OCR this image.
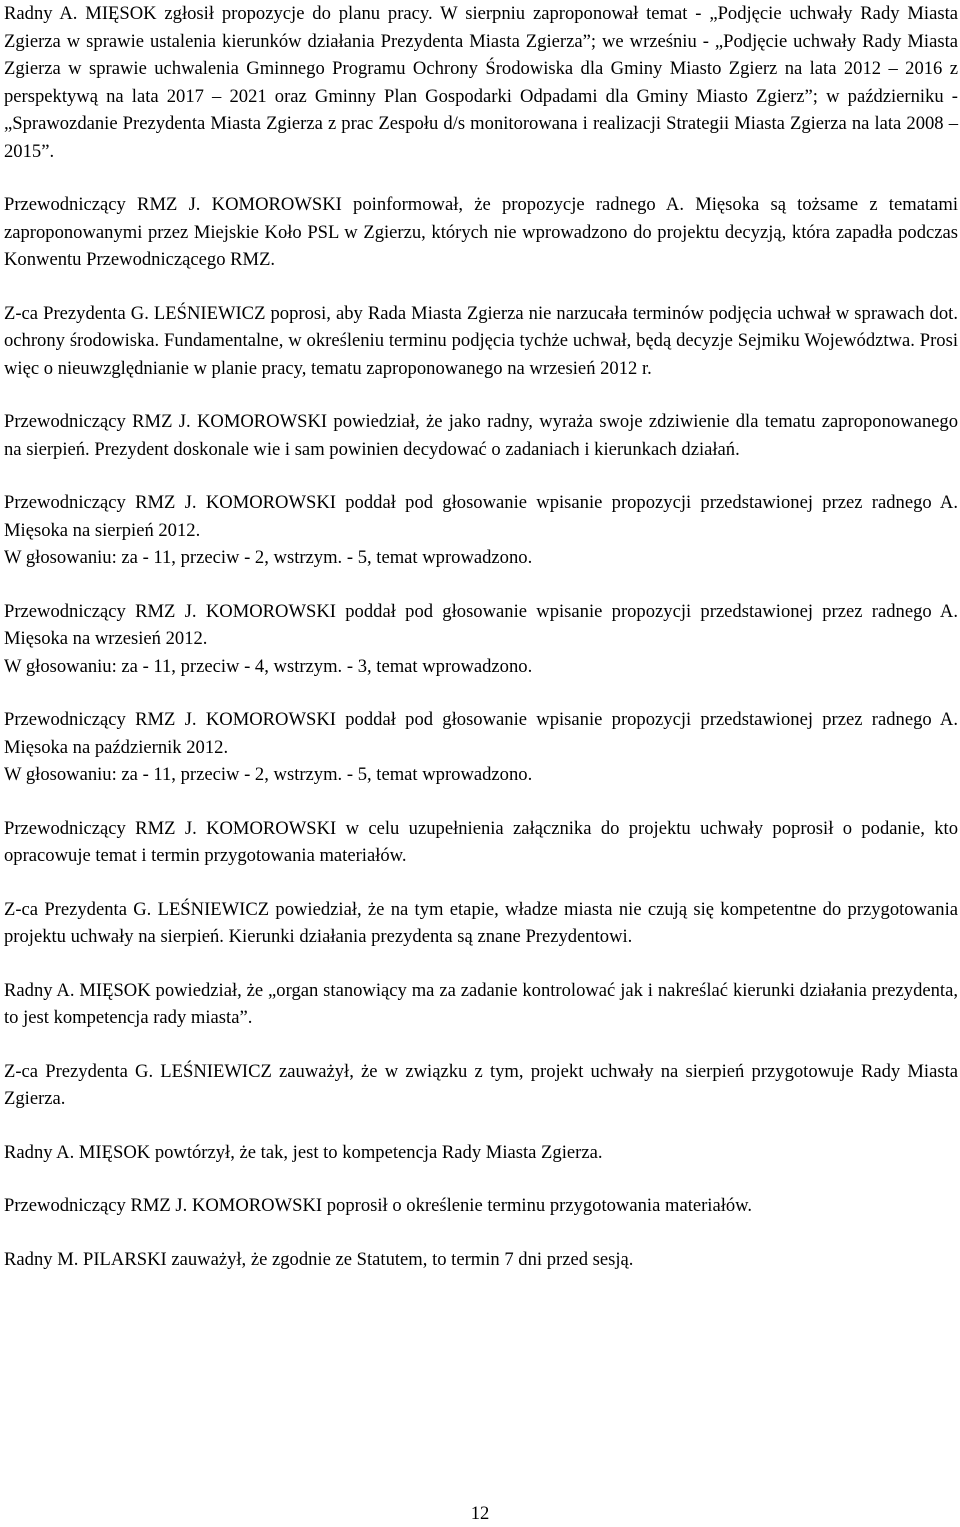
Radny A. MIĘSOK zgłosił propozycje do planu pracy. W sierpniu zaproponował temat - „Podjęcie uchwały Rady Miasta Zgierza w sprawie ustalenia kierunków działania Prezydenta Miasta Zgierza”; we wrześniu - „Podjęcie uchwały Rady Miasta Zgierza w sprawie uchwalenia Gminnego Programu Ochrony Środowiska dla Gminy Miasto Zgierz na lata 2012 – 2016 z perspektywą na lata 2017 – 2021 oraz Gminny Plan Gospodarki Odpadami dla Gminy Miasto Zgierz”; w październiku - „Sprawozdanie Prezydenta Miasta Zgierza z prac Zespołu d/s monitorowana i realizacji Strategii Miasta Zgierza na lata 2008 – 2015”.

Przewodniczący RMZ J. KOMOROWSKI poinformował, że propozycje radnego A. Mięsoka są tożsame z tematami zaproponowanymi przez Miejskie Koło PSL w Zgierzu, których nie wprowadzono do projektu decyzją, która zapadła podczas Konwentu Przewodniczącego RMZ.

Z-ca Prezydenta G. LEŚNIEWICZ poprosi, aby Rada Miasta Zgierza nie narzucała terminów podjęcia uchwał w sprawach dot. ochrony środowiska. Fundamentalne, w określeniu terminu podjęcia tychże uchwał, będą decyzje Sejmiku Województwa. Prosi więc o nieuwzględnianie w planie pracy, tematu zaproponowanego na wrzesień 2012 r.

Przewodniczący RMZ J. KOMOROWSKI powiedział, że jako radny, wyraża swoje zdziwienie dla tematu zaproponowanego na sierpień. Prezydent doskonale wie i sam powinien decydować o zadaniach i kierunkach działań.

Przewodniczący RMZ J. KOMOROWSKI poddał pod głosowanie wpisanie propozycji przedstawionej przez radnego A. Mięsoka na sierpień 2012.

W głosowaniu: za - 11, przeciw - 2, wstrzym. - 5, temat wprowadzono.

Przewodniczący RMZ J. KOMOROWSKI poddał pod głosowanie wpisanie propozycji przedstawionej przez radnego A. Mięsoka na wrzesień 2012.

W głosowaniu: za - 11, przeciw - 4, wstrzym. - 3, temat wprowadzono.

Przewodniczący RMZ J. KOMOROWSKI poddał pod głosowanie wpisanie propozycji przedstawionej przez radnego A. Mięsoka na październik 2012.

W głosowaniu: za - 11, przeciw - 2, wstrzym. - 5, temat wprowadzono.

Przewodniczący RMZ J. KOMOROWSKI w celu uzupełnienia załącznika do projektu uchwały poprosił o podanie, kto opracowuje temat i termin przygotowania materiałów.

Z-ca Prezydenta G. LEŚNIEWICZ powiedział, że na tym etapie, władze miasta nie czują się kompetentne do przygotowania projektu uchwały na sierpień. Kierunki działania prezydenta są znane Prezydentowi.

Radny A. MIĘSOK powiedział, że „organ stanowiący ma za zadanie kontrolować jak i nakreślać kierunki działania prezydenta, to jest kompetencja rady miasta”.

Z-ca Prezydenta G. LEŚNIEWICZ zauważył, że w związku z tym, projekt uchwały na sierpień przygotowuje Rady Miasta Zgierza.

Radny A. MIĘSOK powtórzył, że tak, jest to kompetencja Rady Miasta Zgierza.

Przewodniczący RMZ J. KOMOROWSKI poprosił o określenie terminu przygotowania materiałów.

Radny M. PILARSKI zauważył, że zgodnie ze Statutem, to termin 7 dni przed sesją.

12
